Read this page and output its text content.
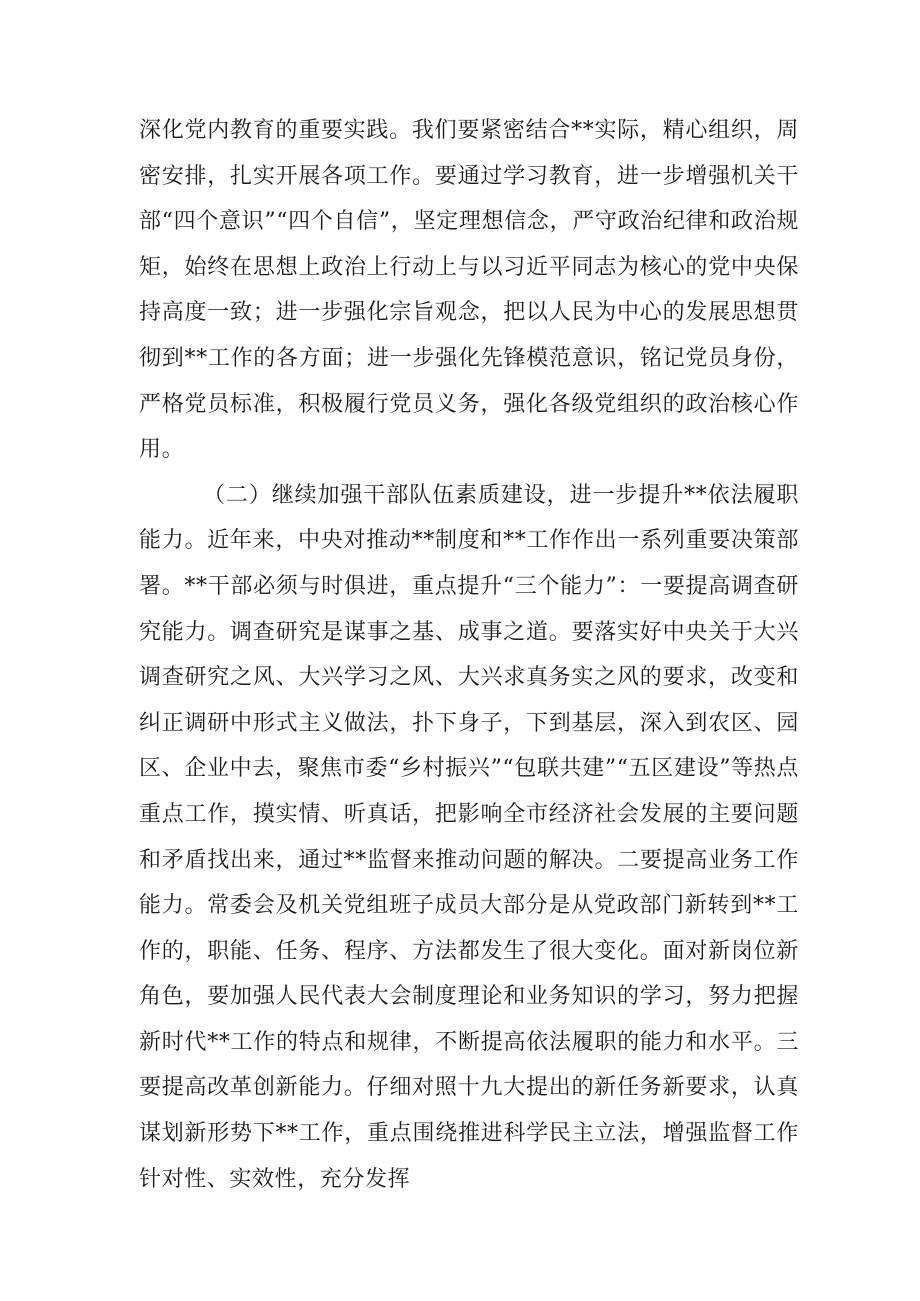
深化党内教育的重要实践。我们要紧密结合**实际，精心组织，周密安排，扎实开展各项工作。要通过学习教育，进一步增强机关干部“四个意识”“四个自信”，坚定理想信念，严守政治纪律和政治规矩，始终在思想上政治上行动上与以习近平同志为核心的党中央保持高度一致；进一步强化宗旨观念，把以人民为中心的发展思想贯彻到**工作的各方面；进一步强化先锋模范意识，铭记党员身份，严格党员标准，积极履行党员义务，强化各级党组织的政治核心作用。

（二）继续加强干部队伍素质建设，进一步提升**依法履职能力。近年来，中央对推动**制度和**工作作出一系列重要决策部署。**干部必须与时俱进，重点提升“三个能力”：一要提高调查研究能力。调查研究是谋事之基、成事之道。要落实好中央关于大兴调查研究之风、大兴学习之风、大兴求真务实之风的要求，改变和纠正调研中形式主义做法，扑下身子，下到基层，深入到农区、园区、企业中去，聚焦市委“乡村振兴”“包联共建”“五区建设”等热点重点工作，摸实情、听真话，把影响全市经济社会发展的主要问题和矛盾找出来，通过**监督来推动问题的解决。二要提高业务工作能力。常委会及机关党组班子成员大部分是从党政部门新转到**工作的，职能、任务、程序、方法都发生了很大变化。面对新岗位新角色，要加强人民代表大会制度理论和业务知识的学习，努力把握新时代**工作的特点和规律，不断提高依法履职的能力和水平。三要提高改革创新能力。仔细对照十九大提出的新任务新要求，认真谋划新形势下**工作，重点围绕推进科学民主立法，增强监督工作针对性、实效性，充分发挥
